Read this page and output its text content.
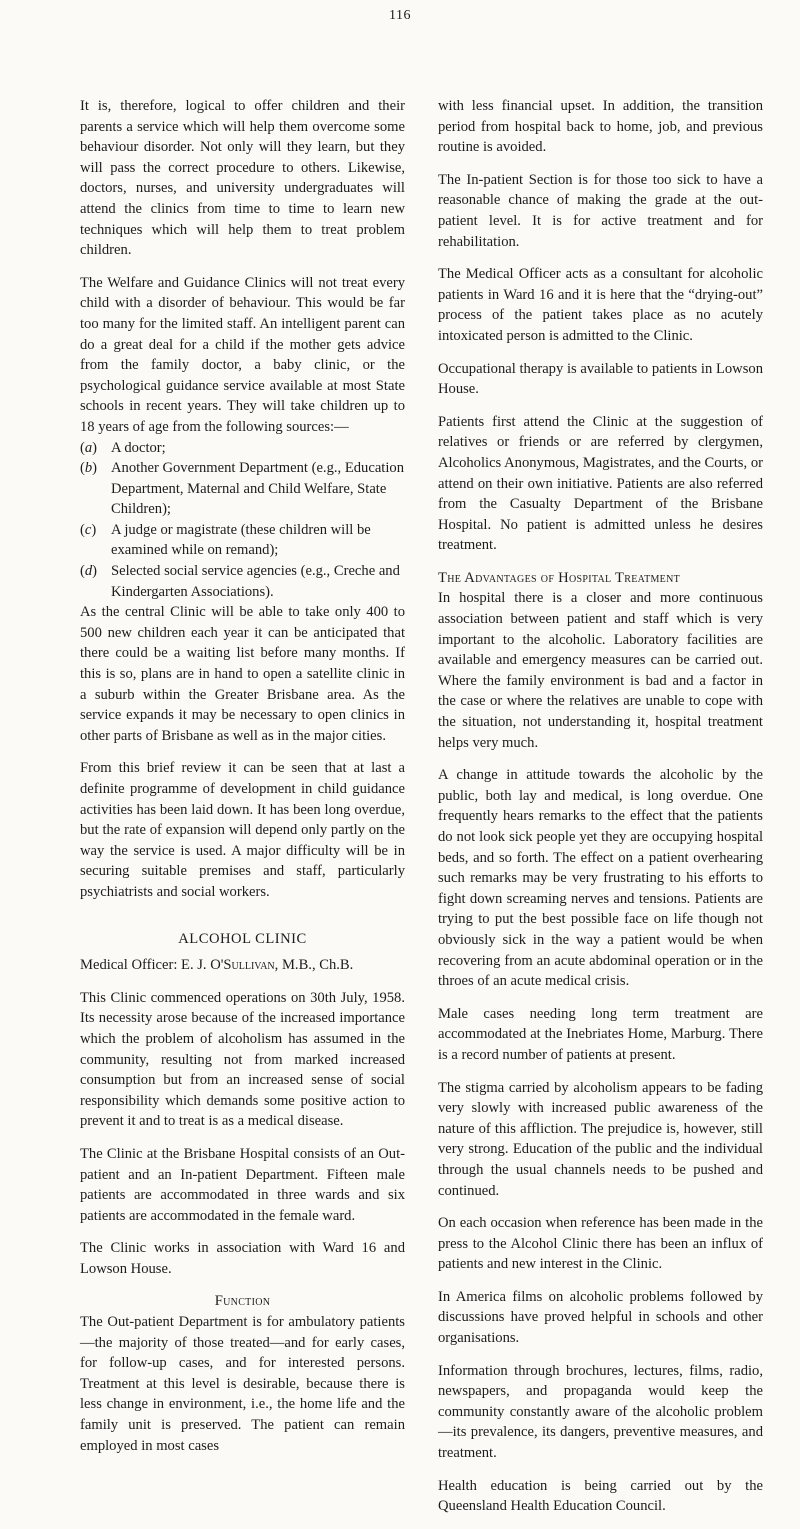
116

It is, therefore, logical to offer children and their parents a service which will help them overcome some behaviour disorder. Not only will they learn, but they will pass the correct procedure to others. Likewise, doctors, nurses, and university undergraduates will attend the clinics from time to time to learn new techniques which will help them to treat problem children.

The Welfare and Guidance Clinics will not treat every child with a disorder of behaviour. This would be far too many for the limited staff. An intelligent parent can do a great deal for a child if the mother gets advice from the family doctor, a baby clinic, or the psychological guidance service available at most State schools in recent years. They will take children up to 18 years of age from the following sources:—

(a) A doctor;
(b) Another Government Department (e.g., Education Department, Maternal and Child Welfare, State Children);
(c)	A judge or magistrate (these children will be examined while on remand);
(d) Selected social service agencies (e.g., Creche and Kindergarten Associations).

As the central Clinic will be able to take only 400 to 500 new children each year it can be anticipated that there could be a waiting list before many months. If this is so, plans are in hand to open a satellite clinic in a suburb within the Greater Brisbane area. As the service expands it may be necessary to open clinics in other parts of Brisbane as well as in the major cities.

From this brief review it can be seen that at last a definite programme of development in child guidance activities has been laid down. It has been long overdue, but the rate of expansion will depend only partly on the way the service is used. A major difficulty will be in securing suitable premises and staff, particularly psychiatrists and social workers.

ALCOHOL CLINIC

Medical Officer: E. J. O'Sullivan, M.B., Ch.B.

This Clinic commenced operations on 30th July, 1958. Its necessity arose because of the increased importance which the problem of alcoholism has assumed in the community, resulting not from marked increased consumption but from an increased sense of social responsibility which demands some positive action to prevent it and to treat is as a medical disease.

The Clinic at the Brisbane Hospital consists of an Out-patient and an In-patient Department. Fifteen male patients are accommodated in three wards and six patients are accommodated in the female ward.

The Clinic works in association with Ward 16 and Lowson House.

Function

The Out-patient Department is for ambulatory patients—the majority of those treated—and for early cases, for follow-up cases, and for interested persons. Treatment at this level is desirable, because there is less change in environment, i.e., the home life and the family unit is preserved. The patient can remain employed in most cases

with less financial upset. In addition, the transition period from hospital back to home, job, and previous routine is avoided.

The In-patient Section is for those too sick to have a reasonable chance of making the grade at the out-patient level. It is for active treatment and for rehabilitation.

The Medical Officer acts as a consultant for alcoholic patients in Ward 16 and it is here that the “drying-out” process of the patient takes place as no acutely intoxicated person is admitted to the Clinic.

Occupational therapy is available to patients in Lowson House.

Patients first attend the Clinic at the suggestion of relatives or friends or are referred by clergymen, Alcoholics Anonymous, Magistrates, and the Courts, or attend on their own initiative. Patients are also referred from the Casualty Department of the Brisbane Hospital. No patient is admitted unless he desires treatment.

The Advantages of Hospital Treatment

In hospital there is a closer and more continuous association between patient and staff which is very important to the alcoholic. Laboratory facilities are available and emergency measures can be carried out. Where the family environment is bad and a factor in the case or where the relatives are unable to cope with the situation, not understanding it, hospital treatment helps very much.

A change in attitude towards the alcoholic by the public, both lay and medical, is long overdue. One frequently hears remarks to the effect that the patients do not look sick people yet they are occupying hospital beds, and so forth. The effect on a patient overhearing such remarks may be very frustrating to his efforts to fight down screaming nerves and tensions. Patients are trying to put the best possible face on life though not obviously sick in the way a patient would be when recovering from an acute abdominal operation or in the throes of an acute medical crisis.

Male cases needing long term treatment are accommodated at the Inebriates Home, Marburg. There is a record number of patients at present.

The stigma carried by alcoholism appears to be fading very slowly with increased public awareness of the nature of this affliction. The prejudice is, however, still very strong. Education of the public and the individual through the usual channels needs to be pushed and continued.

On each occasion when reference has been made in the press to the Alcohol Clinic there has been an influx of patients and new interest in the Clinic.

In America films on alcoholic problems followed by discussions have proved helpful in schools and other organisations.

Information through brochures, lectures, films, radio, newspapers, and propaganda would keep the community constantly aware of the alcoholic problem—its prevalence, its dangers, preventive measures, and treatment.

Health education is being carried out by the Queensland Health Education Council.
